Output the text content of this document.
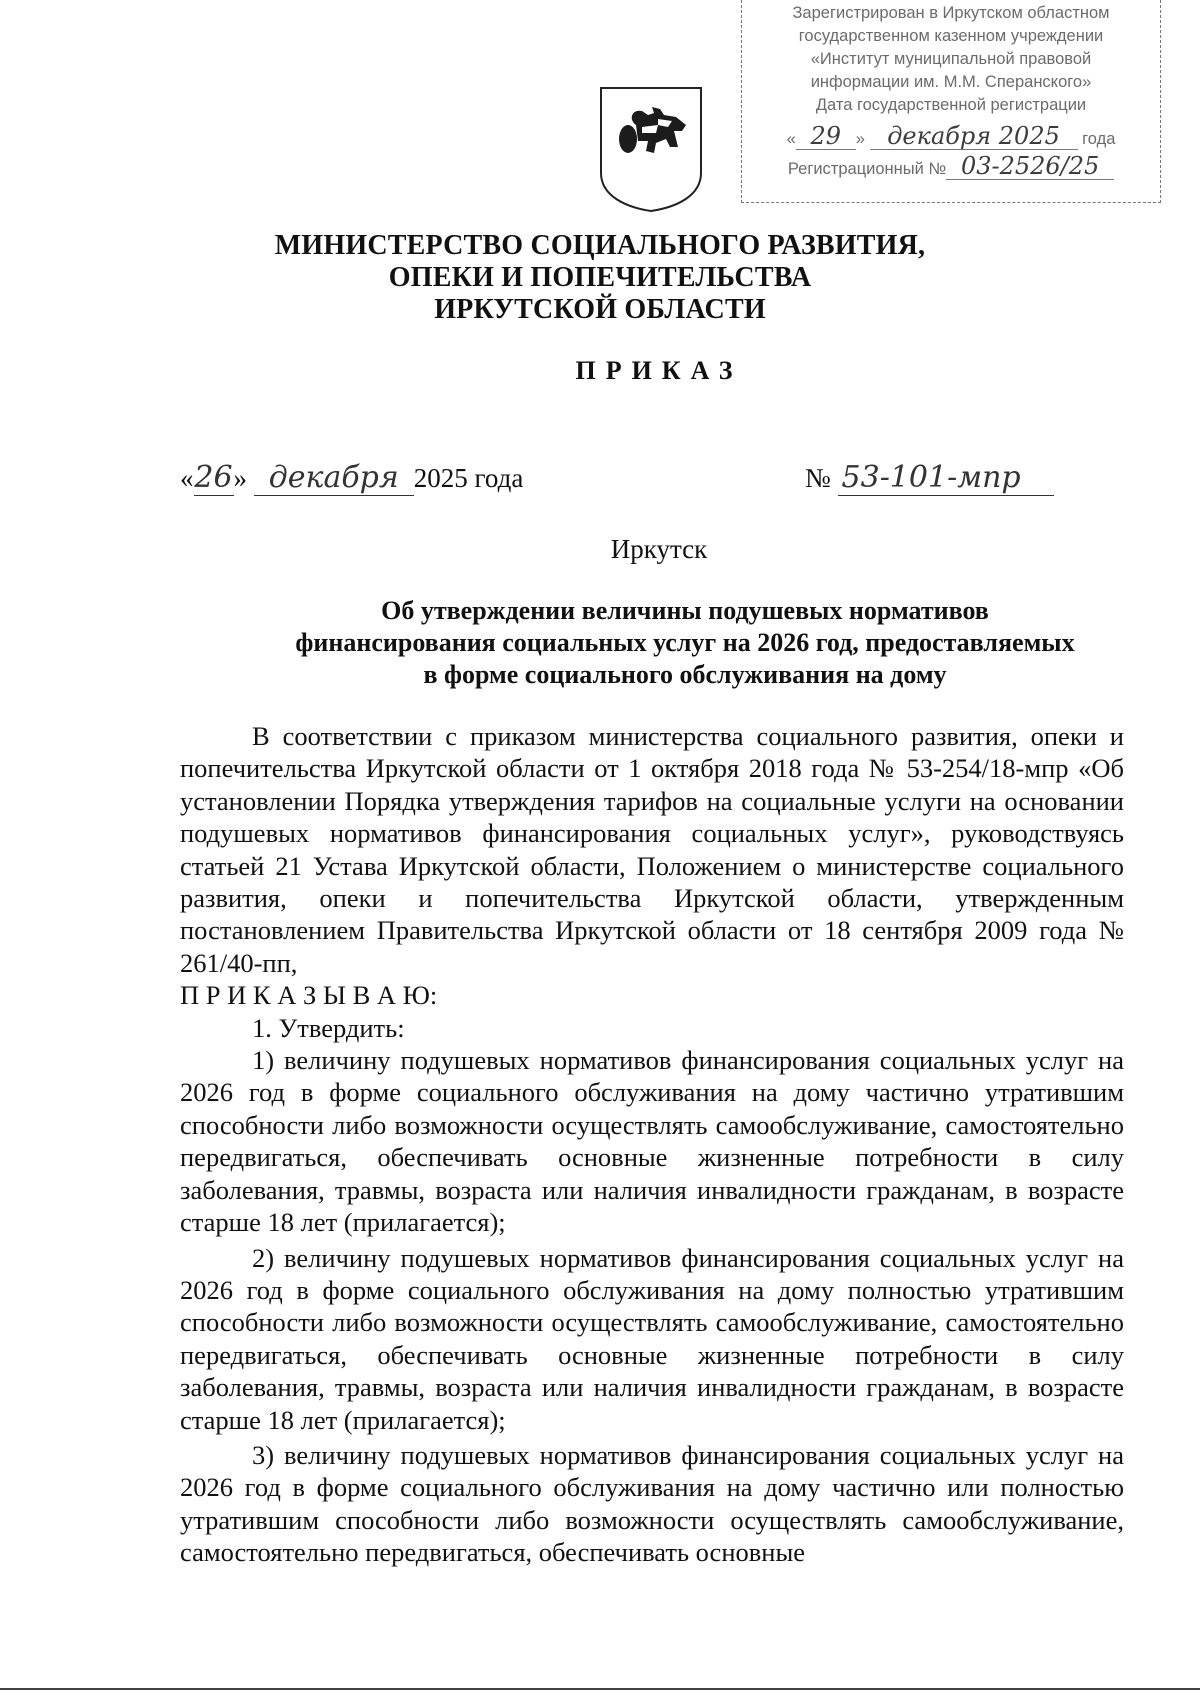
Зарегистрирован в Иркутском областном
государственном казенном учреждении
«Институт муниципальной правовой
информации им. М.М. Сперанского»
Дата государственной регистрации
« 29 » декабря 2025 года
Регистрационный № 03-2526/25
МИНИСТЕРСТВО СОЦИАЛЬНОГО РАЗВИТИЯ,
ОПЕКИ И ПОПЕЧИТЕЛЬСТВА
ИРКУТСКОЙ ОБЛАСТИ
ПРИКАЗ
«26» декабря 2025 года	№ 53-101-мпр
Иркутск
Об утверждении величины подушевых нормативов
финансирования социальных услуг на 2026 год, предоставляемых
в форме социального обслуживания на дому

В соответствии с приказом министерства социального развития, опеки и попечительства Иркутской области от 1 октября 2018 года № 53-254/18-мпр «Об установлении Порядка утверждения тарифов на социальные услуги на основании подушевых нормативов финансирования социальных услуг», руководствуясь статьей 21 Устава Иркутской области, Положением о министерстве социального развития, опеки и попечительства Иркутской области, утвержденным постановлением Правительства Иркутской области от 18 сентября 2009 года № 261/40-пп,

П Р И К А З Ы В А Ю:

1. Утвердить:

1) величину подушевых нормативов финансирования социальных услуг на 2026 год в форме социального обслуживания на дому частично утратившим способности либо возможности осуществлять самообслуживание, самостоятельно передвигаться, обеспечивать основные жизненные потребности в силу заболевания, травмы, возраста или наличия инвалидности гражданам, в возрасте старше 18 лет (прилагается);

2) величину подушевых нормативов финансирования социальных услуг на 2026 год в форме социального обслуживания на дому полностью утратившим способности либо возможности осуществлять самообслуживание, самостоятельно передвигаться, обеспечивать основные жизненные потребности в силу заболевания, травмы, возраста или наличия инвалидности гражданам, в возрасте старше 18 лет (прилагается);

3) величину подушевых нормативов финансирования социальных услуг на 2026 год в форме социального обслуживания на дому частично или полностью утратившим способности либо возможности осуществлять самообслуживание, самостоятельно передвигаться, обеспечивать основные
